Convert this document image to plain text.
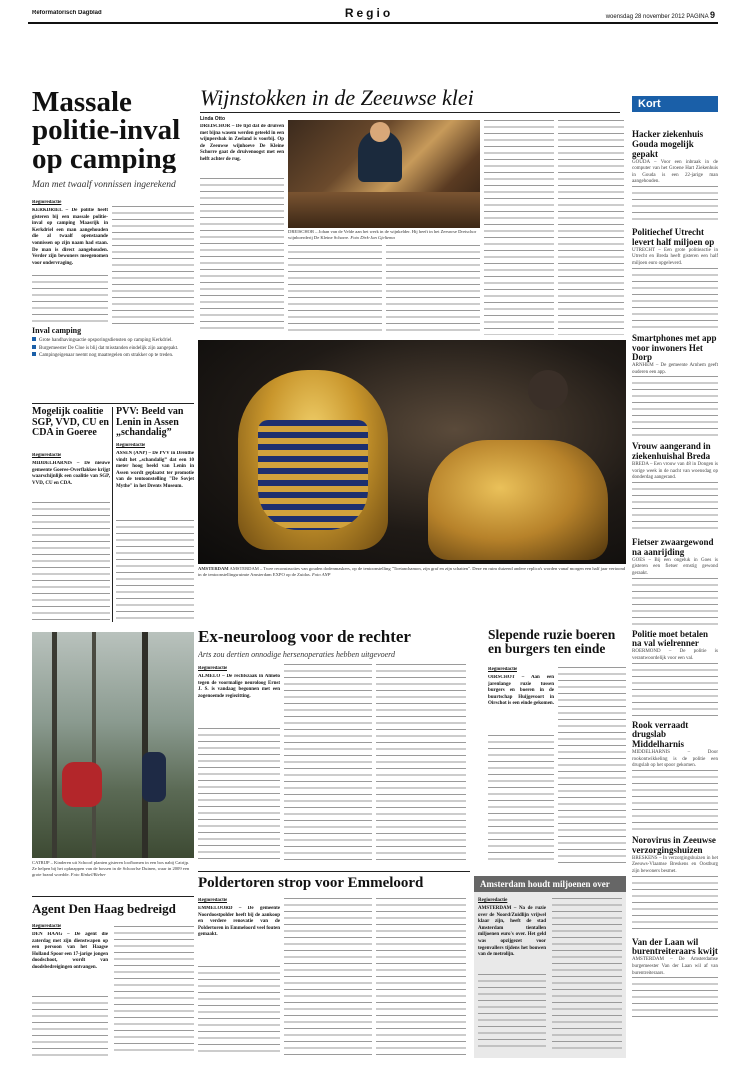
Reformatorisch Dagblad	Regio	woensdag 28 november 2012 PAGINA 9
Massale politie-inval op camping
Man met twaalf vonnissen ingerekend
Regioredactie
KERKDRIEL – De politie heeft gisteren bij een massale politie-inval op camping Maasrijk in Kerkdriel een man aangehouden die al twaalf openstaande vonnissen op zijn naam had staan. De man is direct aangehouden. Verder zijn bewoners meegenomen voor ondervraging.
Inval camping
Grote handhavingsactie opsporingsdiensten op camping Kerkdriel.
Burgemeester De Cloe is blij dat misstanden eindelijk zijn aangepakt.
Campingeigenaar neemt nog maatregelen om strakker op te treden.
Wijnstokken in de Zeeuwse klei
Linda Otto
DREISCHOR – De tijd dat de druiven met bijna wasem werden geteeld in een wijnpersbak in Zeeland is voorbij. Op de Zeeuwse wijnhoeve De Kleine Schorre gaat de druivenoogst met een helft achter de rug.
DREISCHOR – Johan van de Velde aan het werk in de wijnkelder. Hij heeft in het Zeeuwse Dreischor wijnboerderij De Kleine Schorre. Foto Dirk-Jan Gjeltema
Kort
Hacker ziekenhuis Gouda mogelijk gepakt
GOUDA – Voor een inbraak in de computer van het Groene Hart Ziekenhuis in Gouda is een 22-jarige man aangehouden.
Politiechef Utrecht levert half miljoen op
UTRECHT – Een grote politieactie in Utrecht en Breda heeft gisteren een half miljoen euro opgeleverd.
Smartphones met app voor inwoners Het Dorp
ARNHEM – De gemeente Arnhem geeft ouderen een app.
Vrouw aangerand in ziekenhuishal Breda
BREDA – Een vrouw van 48 in Dongen is vorige week in de nacht van woensdag op donderdag aangerand.
Fietser zwaargewond na aanrijding
GOES – Bij een ongeluk in Goes is gisteren een fietser ernstig gewond geraakt.
Politie moet betalen na val wielrenner
ROERMOND – De politie is verantwoordelijk voor een val.
Rook verraadt drugslab Middelharnis
MIDDELHARNIS – Door rookontwikkeling is de politie een drugslab op het spoor gekomen.
Norovirus in Zeeuwse verzorgingshuizen
BRESKENS – In verzorgingshuizen in het Zeeuws-Vlaamse Breskens en Oostburg zijn bewoners besmet.
Van der Laan wil burentreiteraars kwijt
AMSTERDAM – De Amsterdamse burgemeester Van der Laan wil af van burentreiteraars.
Mogelijk coalitie SGP, VVD, CU en CDA in Goeree
Regioredactie
MIDDELHARNIS – De nieuwe gemeente Goeree-Overflakkee krijgt waarschijnlijk een coalitie van SGP, VVD, CU en CDA.
PVV: Beeld van Lenin in Assen „schandalig”
Regioredactie
ASSEN (ANP) – De PVV in Drenthe vindt het „schandalig” dat een 10 meter hoog beeld van Lenin in Assen wordt geplaatst ter promotie van de tentoonstelling "De Sovjet Mythe" in het Drents Museum.
AMSTERDAM AMSTERDAM – Twee reconstructies van gouden dodenmaskers, op de tentoonstelling "Toetanchamon, zijn graf en zijn schatten". Deze en ruim duizend andere replica's worden vanaf morgen een half jaar vertoond in de tentoonstellingsruimte Amsterdam EXPO op de Zuidas. Foto ANP
CATRIJP – Kinderen uit Schoorl planten gisteren loofbomen in een bos nabij Catrijp. Ze helpen bij het opknappen van de bossen in de Schoorlse Duinen, waar in 2009 een grote brand woedde. Foto Rinkel/Bieber
Agent Den Haag bedreigd
Regioredactie
DEN HAAG – De agent die zaterdag met zijn dienstwapen op een persoon van het Haagse Holland Spoor een 17-jarige jongen doodschoot, wordt van doodsbedreigingen ontvangen.
Ex-neuroloog voor de rechter
Arts zou dertien onnodige hersenoperaties hebben uitgevoerd
Regioredactie
ALMELO – De rechtszaak in Almelo tegen de voormalige neuroloog Ernst J. S. is vandaag begonnen met een zogenoemde regiezitting.
Slepende ruzie boeren en burgers ten einde
Regioredactie
OIRSCHOT – Aan een jarenlange ruzie tussen burgers en boeren in de buurtschap Huijgevoort in Oirschot is een einde gekomen.
Poldertoren strop voor Emmeloord
Regioredactie
EMMELOORD – De gemeente Noordoostpolder heeft bij de aankoop en verdere renovatie van de Poldertoren in Emmeloord veel fouten gemaakt.
Amsterdam houdt miljoenen over
Regioredactie
AMSTERDAM – Na de ruzie over de Noord/Zuidlijn vrijwel klaar zijn, heeft de stad Amsterdam tientallen miljoenen euro's over. Het geld was opzijgezet voor tegenvallers tijdens het bouwen van de metrolijn.
